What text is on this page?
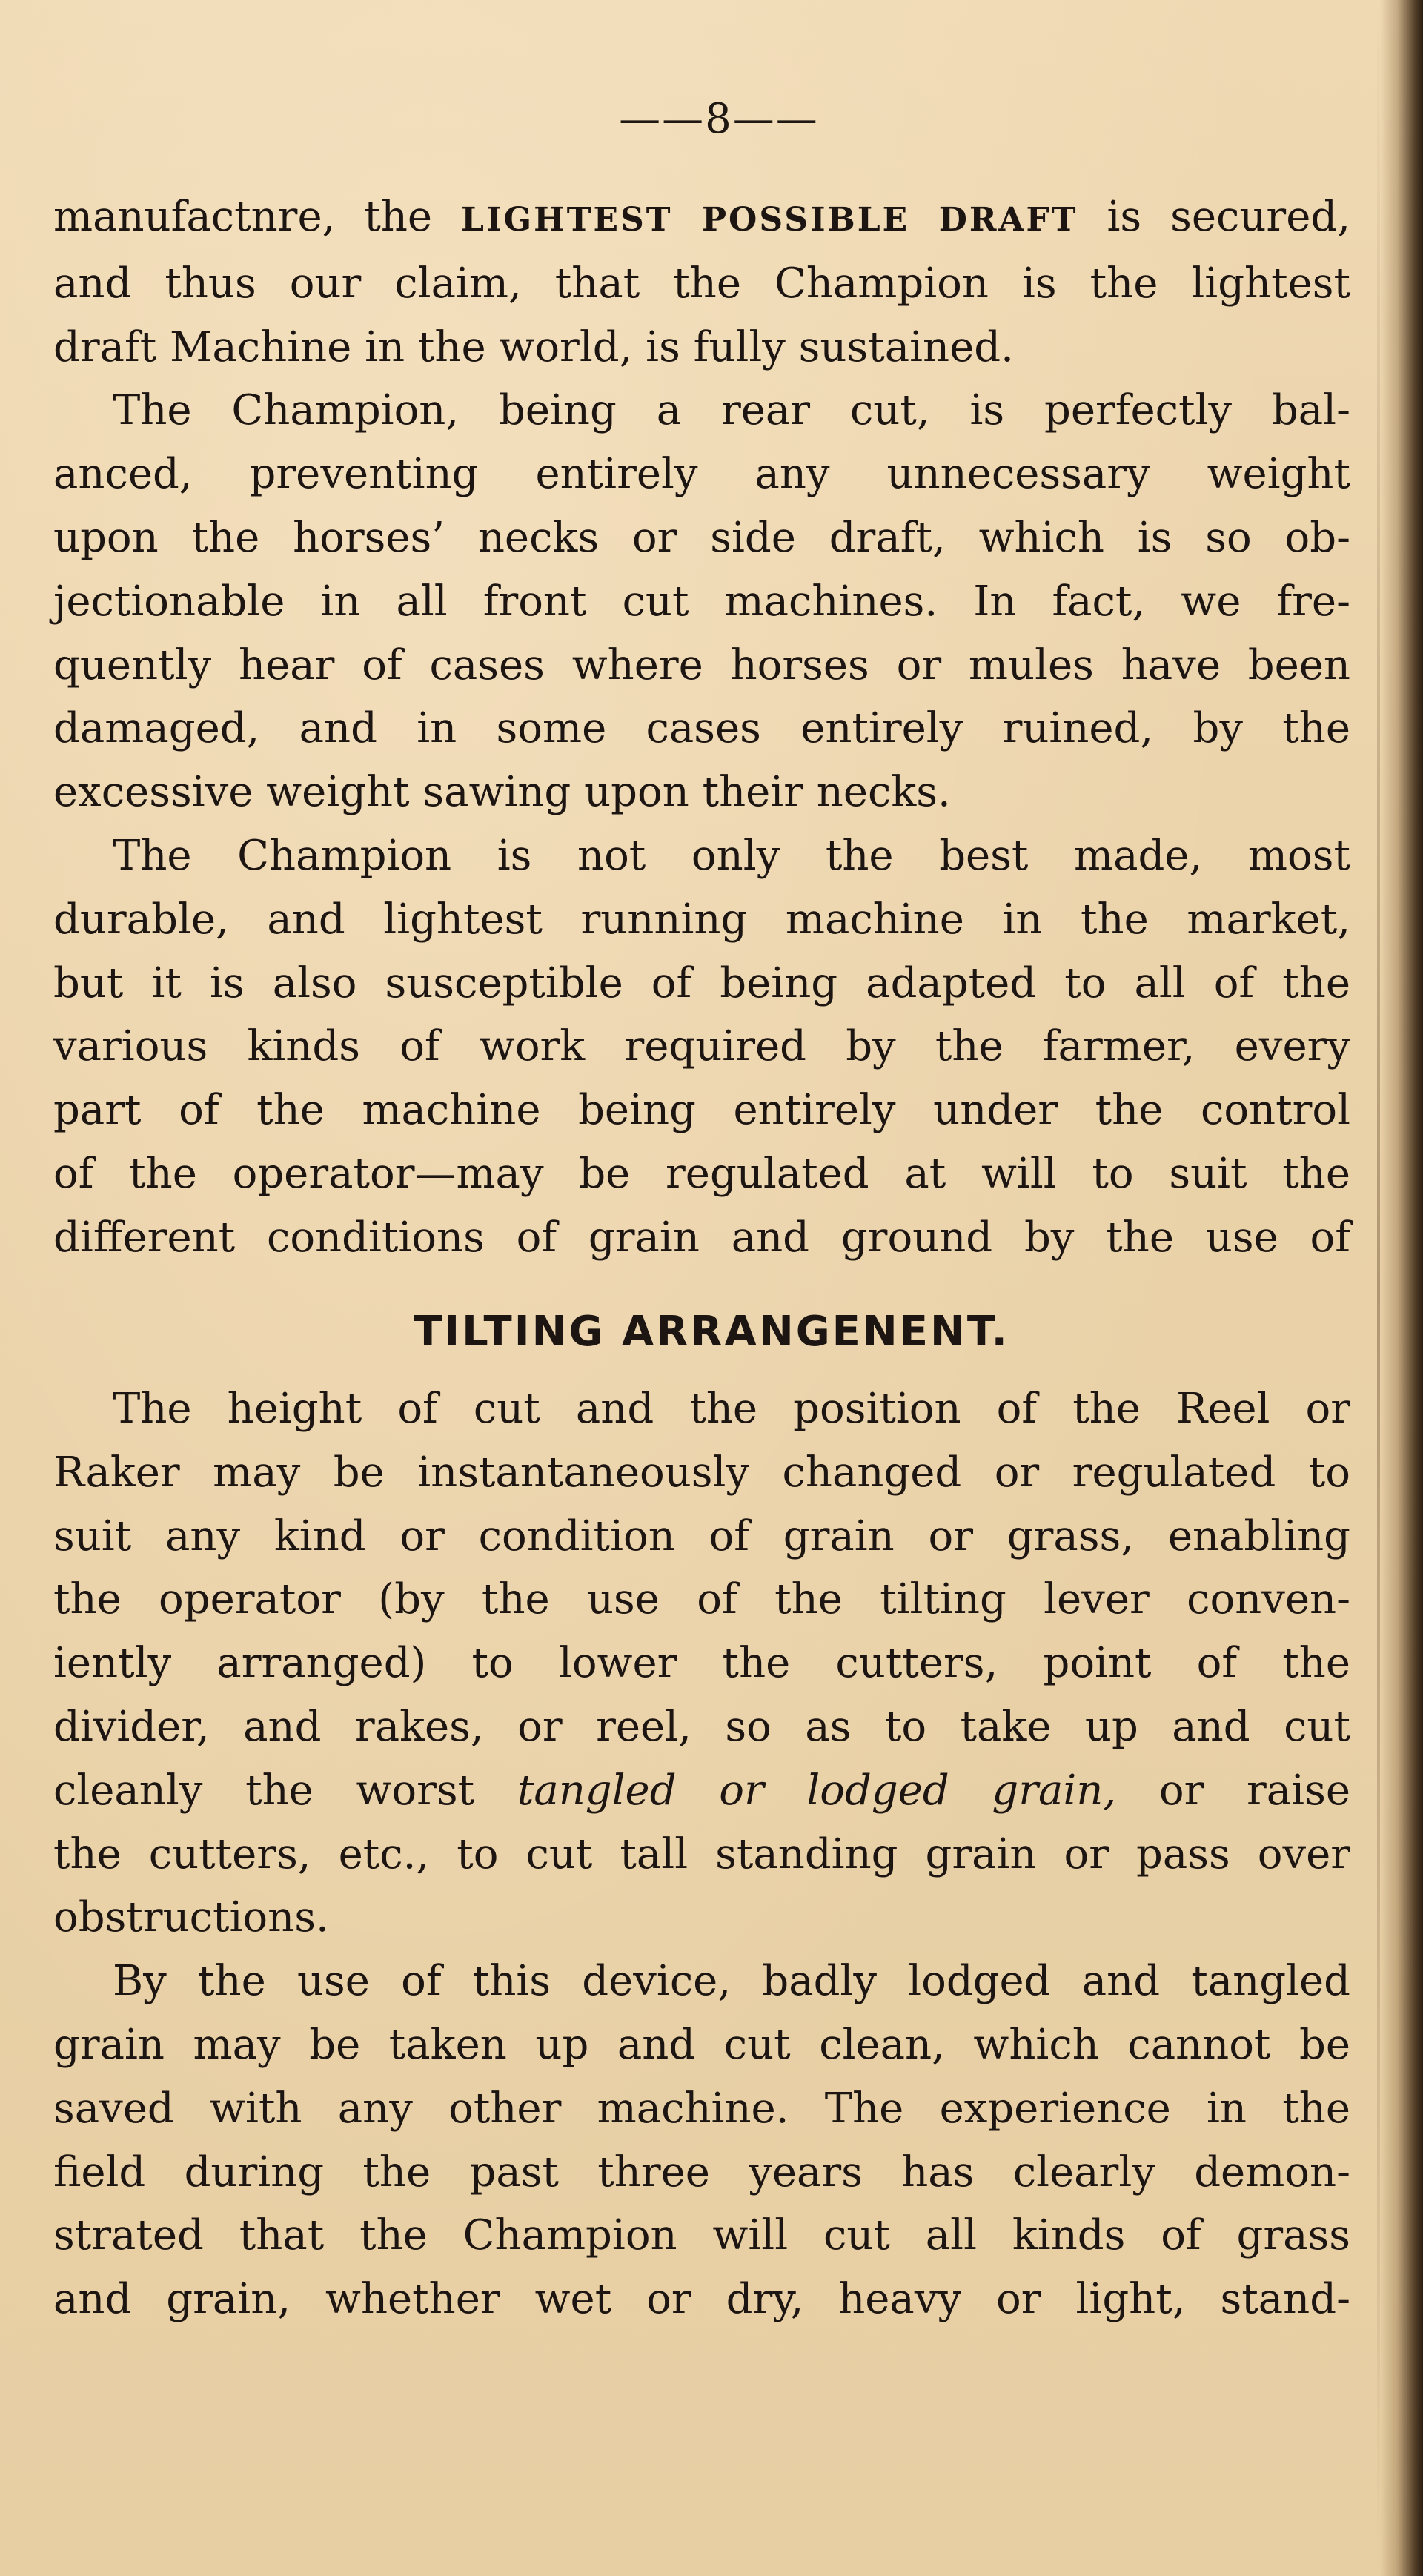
——8——
manufactnre, the LIGHTEST POSSIBLE DRAFT is secured,
and thus our claim, that the Champion is the lightest
draft Machine in the world, is fully sustained.
The Champion, being a rear cut, is perfectly bal-
anced, preventing entirely any unnecessary weight
upon the horses’ necks or side draft, which is so ob-
jectionable in all front cut machines. In fact, we fre-
quently hear of cases where horses or mules have been
damaged, and in some cases entirely ruined, by the
excessive weight sawing upon their necks.
The Champion is not only the best made, most
durable, and lightest running machine in the market,
but it is also susceptible of being adapted to all of the
various kinds of work required by the farmer, every
part of the machine being entirely under the control
of the operator—may be regulated at will to suit the
different conditions of grain and ground by the use of
TILTING ARRANGENENT.
The height of cut and the position of the Reel or
Raker may be instantaneously changed or regulated to
suit any kind or condition of grain or grass, enabling
the operator (by the use of the tilting lever conven-
iently arranged) to lower the cutters, point of the
divider, and rakes, or reel, so as to take up and cut
cleanly the worst tangled or lodged grain, or raise
the cutters, etc., to cut tall standing grain or pass over
obstructions.
By the use of this device, badly lodged and tangled
grain may be taken up and cut clean, which cannot be
saved with any other machine. The experience in the
field during the past three years has clearly demon-
strated that the Champion will cut all kinds of grass
and grain, whether wet or dry, heavy or light, stand-
